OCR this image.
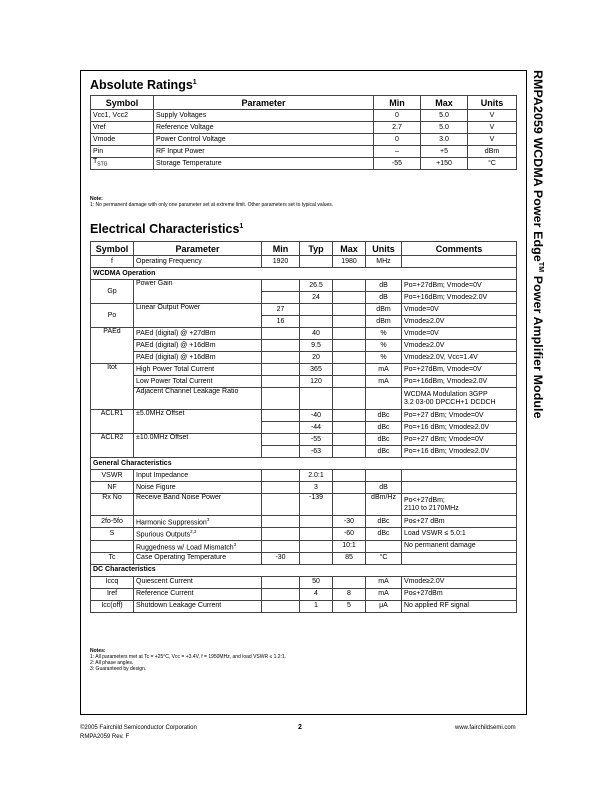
RMPA2059 WCDMA Power Edge™ Power Amplifier Module
Absolute Ratings$^1$
Symbol	Parameter	Min	Max	Units
Vcc1, Vcc2	Supply Voltages	0	5.0	V
Vref	Reference Voltage	2.7	5.0	V
Vmode	Power Control Voltage	0	3.0	V
Pin	RF Input Power	–	+5	dBm
$T_{STG}$	Storage Temperature	-55	+150	°C
Note:
1: No permanent damage with only one parameter set at extreme limit. Other parameters set to typical values.
Electrical Characteristics$^1$
Symbol	Parameter	Min	Typ	Max	Units	Comments
f	Operating Frequency	1920		1980	MHz	
WCDMA Operation						
Gp	Power Gain		26.5		dB	Po=+27dBm; Vmode=0V
			24		dB	Po=+16dBm; Vmode≥2.0V
Po	Linear Output Power	27			dBm	Vmode=0V
		16			dBm	Vmode≥2.0V
PAEd	PAEd (digital) @ +27dBm		40		%	Vmode=0V
	PAEd (digital) @ +16dBm		9.5		%	Vmode≥2.0V
	PAEd (digital) @ +16dBm		20		%	Vmode≥2.0V, Vcc=1.4V
Itot	High Power Total Current		365		mA	Po=+27dBm, Vmode=0V
	Low Power Total Current		120		mA	Po=+16dBm, Vmode≥2.0V
	Adjacent Channel Leakage Ratio					WCDMA Modulation 3GPP
3.2 03-00 DPCCH+1 DCDCH
ACLR1	±5.0MHz Offset		-40		dBc	Po=+27 dBm; Vmode=0V
			-44		dBc	Po=+16 dBm; Vmode≥2.0V
ACLR2	±10.0MHz Offset		-55		dBc	Po=+27 dBm; Vmode=0V
			-63		dBc	Po=+16 dBm; Vmode≥2.0V
General Characteristics						
VSWR	Input Impedance		2.0:1			
NF	Noise Figure		3		dB	
Rx No	Receive Band Noise Power		-139		dBm/Hz	Po<+27dBm;
2110 to 2170MHz
2fo-5fo	Harmonic Suppression$^3$			-30	dBc	Po≤+27 dBm
S	Spurious Outputs$^{2,3}$			-60	dBc	Load VSWR ≤ 5.0:1
	Ruggedness w/ Load Mismatch$^3$			10:1		No permanent damage
Tc	Case Operating Temperature	-30		85	°C	
DC Characteristics						
Iccq	Quiescent Current		50		mA	Vmode≥2.0V
Iref	Reference Current		4	8	mA	Po≤+27dBm
Icc(off)	Shutdown Leakage Current		1	5	μA	No applied RF signal
Notes:
1: All parameters met at Tc = +25°C, Vcc = +3.4V, f = 1950MHz, and load VSWR ≤ 1.2:1.
2: All phase angles.
3: Guaranteed by design.
©2005 Fairchild Semiconductor Corporation	2	www.fairchildsemi.com
RMPA2059 Rev. F
